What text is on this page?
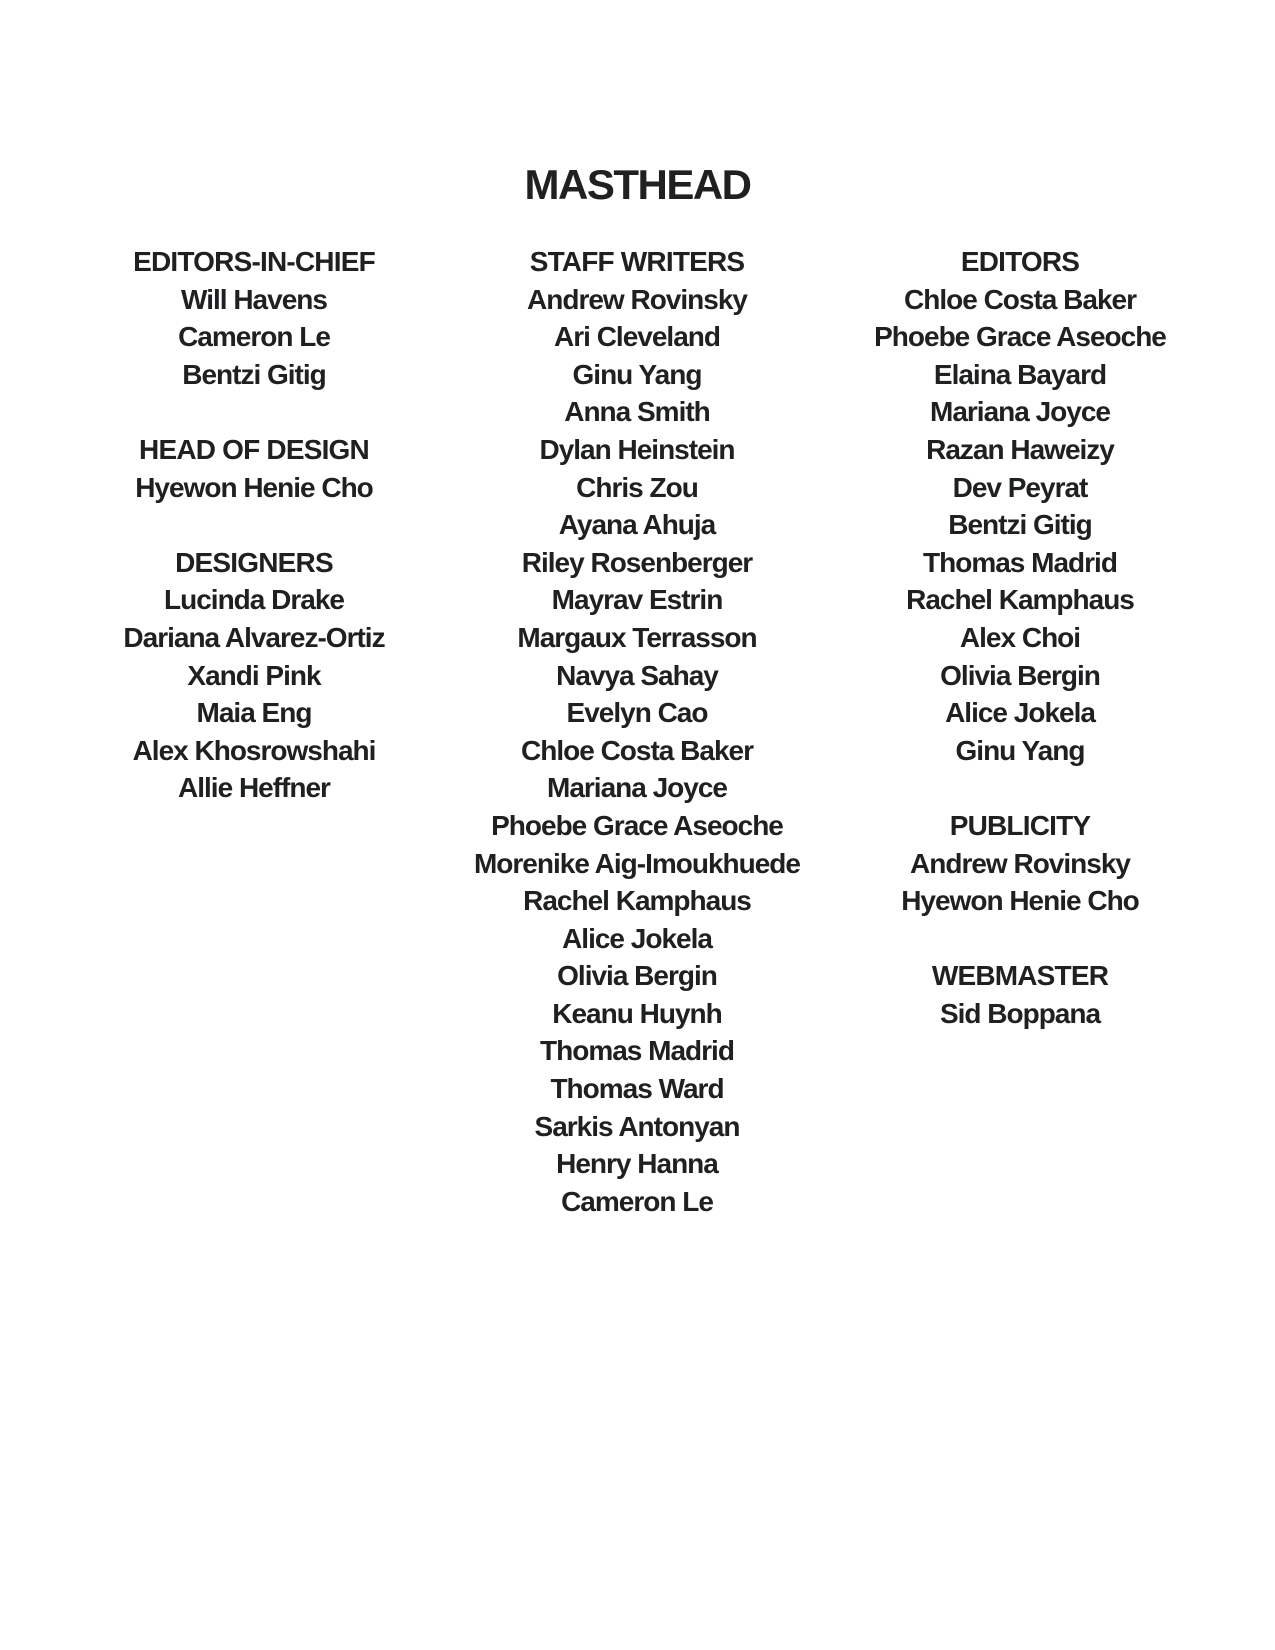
MASTHEAD
EDITORS-IN-CHIEF
Will Havens
Cameron Le
Bentzi Gitig
HEAD OF DESIGN
Hyewon Henie Cho
DESIGNERS
Lucinda Drake
Dariana Alvarez-Ortiz
Xandi Pink
Maia Eng
Alex Khosrowshahi
Allie Heffner
STAFF WRITERS
Andrew Rovinsky
Ari Cleveland
Ginu Yang
Anna Smith
Dylan Heinstein
Chris Zou
Ayana Ahuja
Riley Rosenberger
Mayrav Estrin
Margaux Terrasson
Navya Sahay
Evelyn Cao
Chloe Costa Baker
Mariana Joyce
Phoebe Grace Aseoche
Morenike Aig-Imoukhuede
Rachel Kamphaus
Alice Jokela
Olivia Bergin
Keanu Huynh
Thomas Madrid
Thomas Ward
Sarkis Antonyan
Henry Hanna
Cameron Le
EDITORS
Chloe Costa Baker
Phoebe Grace Aseoche
Elaina Bayard
Mariana Joyce
Razan Haweizy
Dev Peyrat
Bentzi Gitig
Thomas Madrid
Rachel Kamphaus
Alex Choi
Olivia Bergin
Alice Jokela
Ginu Yang
PUBLICITY
Andrew Rovinsky
Hyewon Henie Cho
WEBMASTER
Sid Boppana
